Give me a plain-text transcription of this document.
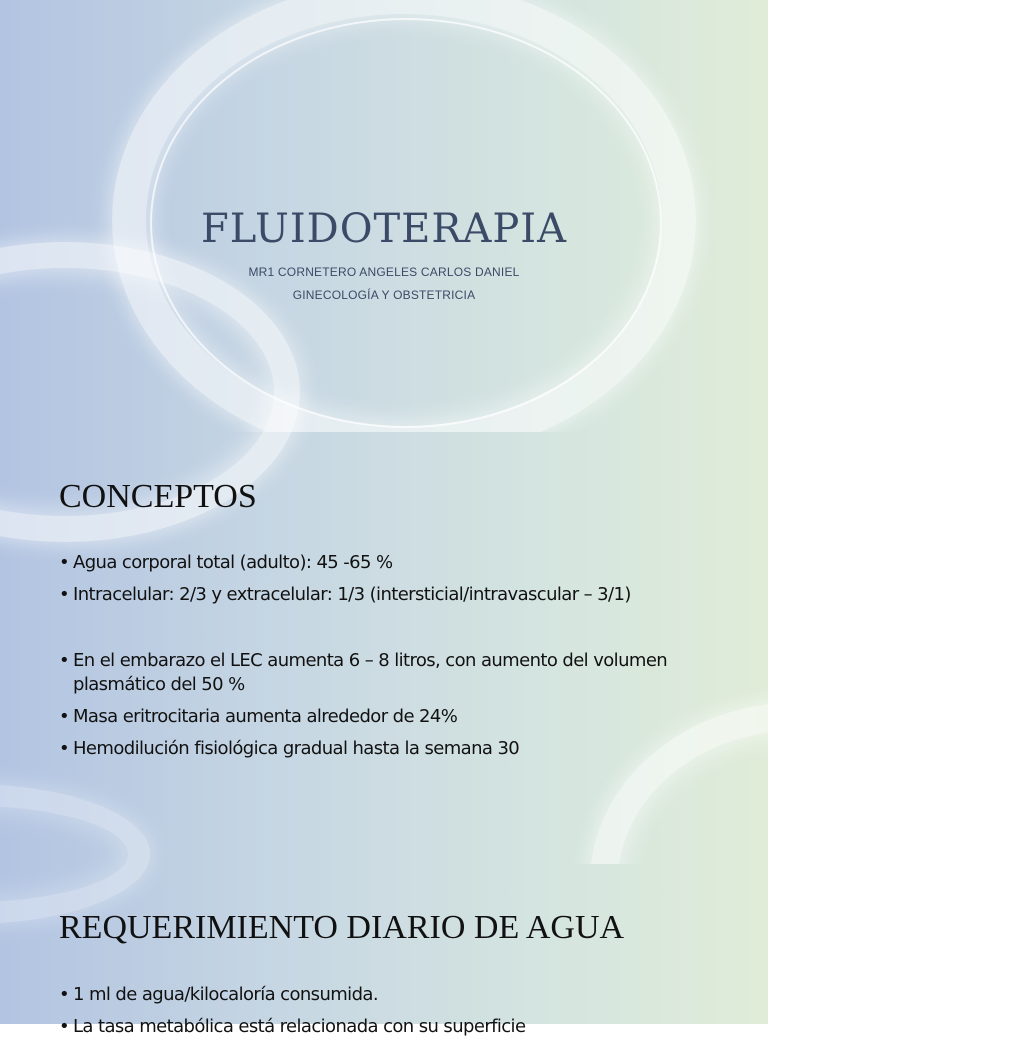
FLUIDOTERAPIA
MR1 CORNETERO ANGELES CARLOS DANIEL
GINECOLOGÍA Y OBSTETRICIA
CONCEPTOS
• Agua corporal total (adulto): 45 -65 %
• Intracelular: 2/3 y extracelular: 1/3 (intersticial/intravascular – 3/1)
• En el embarazo el LEC aumenta 6 – 8 litros, con aumento del volumen plasmático del 50 %
• Masa eritrocitaria aumenta alrededor de 24%
• Hemodilución fisiológica gradual hasta la semana 30
REQUERIMIENTO DIARIO DE AGUA
• 1 ml de agua/kilocaloría consumida.
• La tasa metabólica está relacionada con su superficie
